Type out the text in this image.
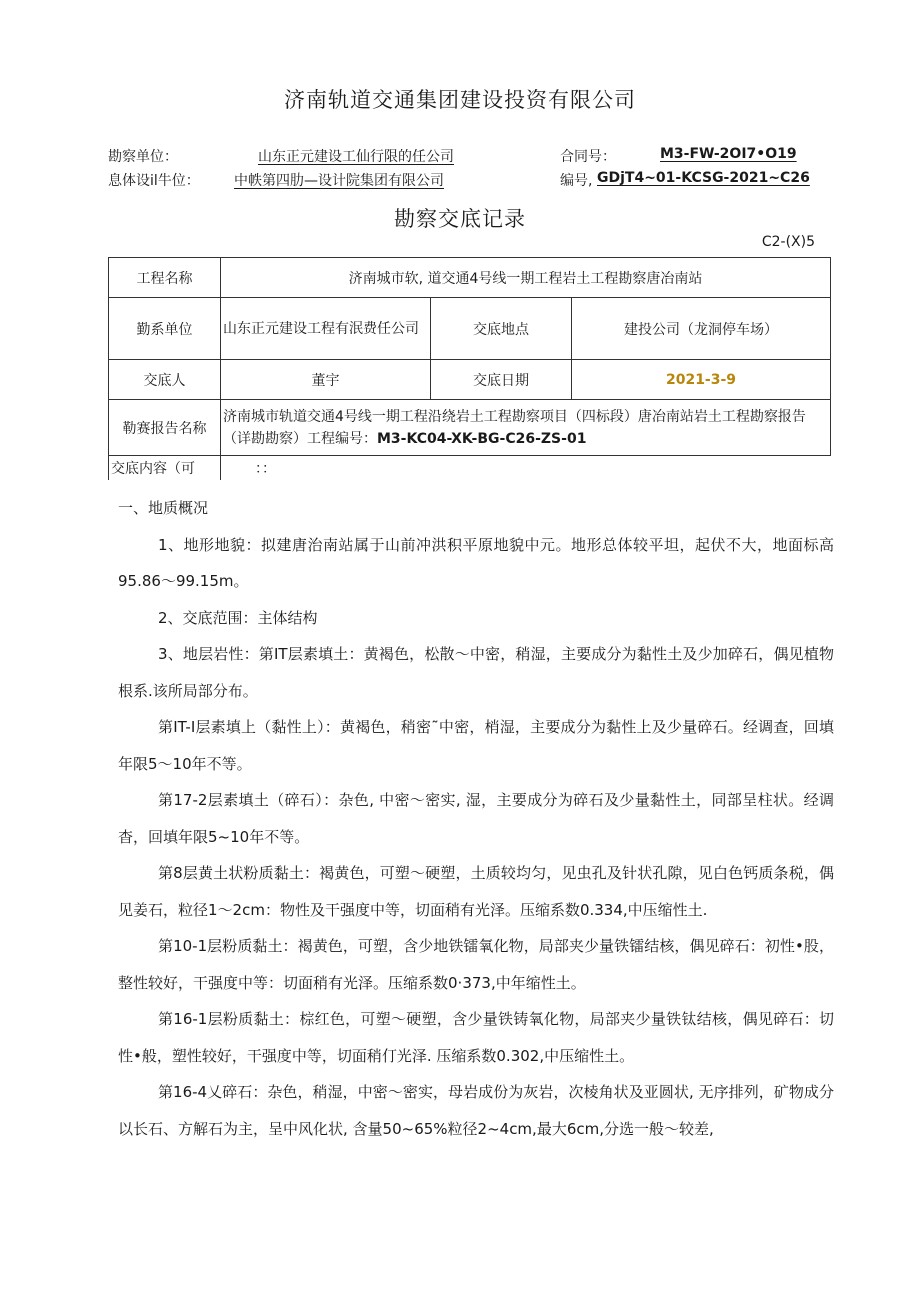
济南轨道交通集团建设投资有限公司
勘察单位：	山东正元建设工仙行限的任公司	合同号：	M3-FW-2OI7•O19
息体设il牛位： 中帙第四肋—设计院集团有限公司	编号, GDjT4~01-KCSG-2021~C26
勘察交底记录
C2-(X)5
工程名称	济南城市软, 道交通4号线一期工程岩土工程勘察唐冶南站		
勤系单位	山东正元建设工程有泯费任公司	交底地点	建投公司（龙洞停车场）
交底人	董宇	交底日期	2021-3-9
勒赛报告名称	济南城市轨道交通4号线一期工程沿绕岩土工程勘察项目（四标段）唐冶南站岩土工程勘察报告（详勘勘察）工程编号：M3-KC04-XK-BG-C26-ZS-01		
交底内容（可	：：		

一、地质概况

1、地形地貌：拟建唐治南站属于山前冲洪积平原地貌中元。地形总体较平坦，起伏不大，地面标高95.86〜99.15m。

2、交底范围：主体结构

3、地层岩性：第IT层素填土：黄褐色，松散～中密，稍湿，主要成分为黏性土及少加碎石，偶见植物根系.该所局部分布。

第IT-I层素填上（黏性上）：黄褐色，稍密˜中密，梢湿，主要成分为黏性上及少量碎石。经调查，回填年限5〜10年不等。

第17-2层素填土（碎石）：杂色, 中密～密实, 湿，主要成分为碎石及少量黏性土，同部呈柱状。经调杳，回填年限5~10年不等。

第8层黄土状粉质黏土：褐黄色，可塑～硬塑，土质较均匀，见虫孔及针状孔隙，见白色钙质条税，偶见姜石，粒径1〜2cm：物性及干强度中等，切面稍有光泽。压缩系数0.334,中压缩性土.

第10-1层粉质黏土：褐黄色，可塑，含少地铁镭氧化物，局部夹少量铁镭结核，偶见碎石：初性•股，整性较好，干强度中等：切面稍有光泽。压缩系数0·373,中年缩性土。

第16-1层粉质黏土：棕红色，可塑～硬塑，含少量铁铸氧化物，局部夹少量铁钛结核，偶见碎石：切性•般，塑性较好，干强度中等，切面稍仃光泽. 压缩系数0.302,中压缩性土。

第16-4乂碎石：杂色，稍湿，中密～密实，母岩成份为灰岩，次棱角状及亚圆状, 无序排列，矿物成分以长石、方解石为主，呈中风化状, 含量50~65%粒径2~4cm,最大6cm,分选一般～较差,
